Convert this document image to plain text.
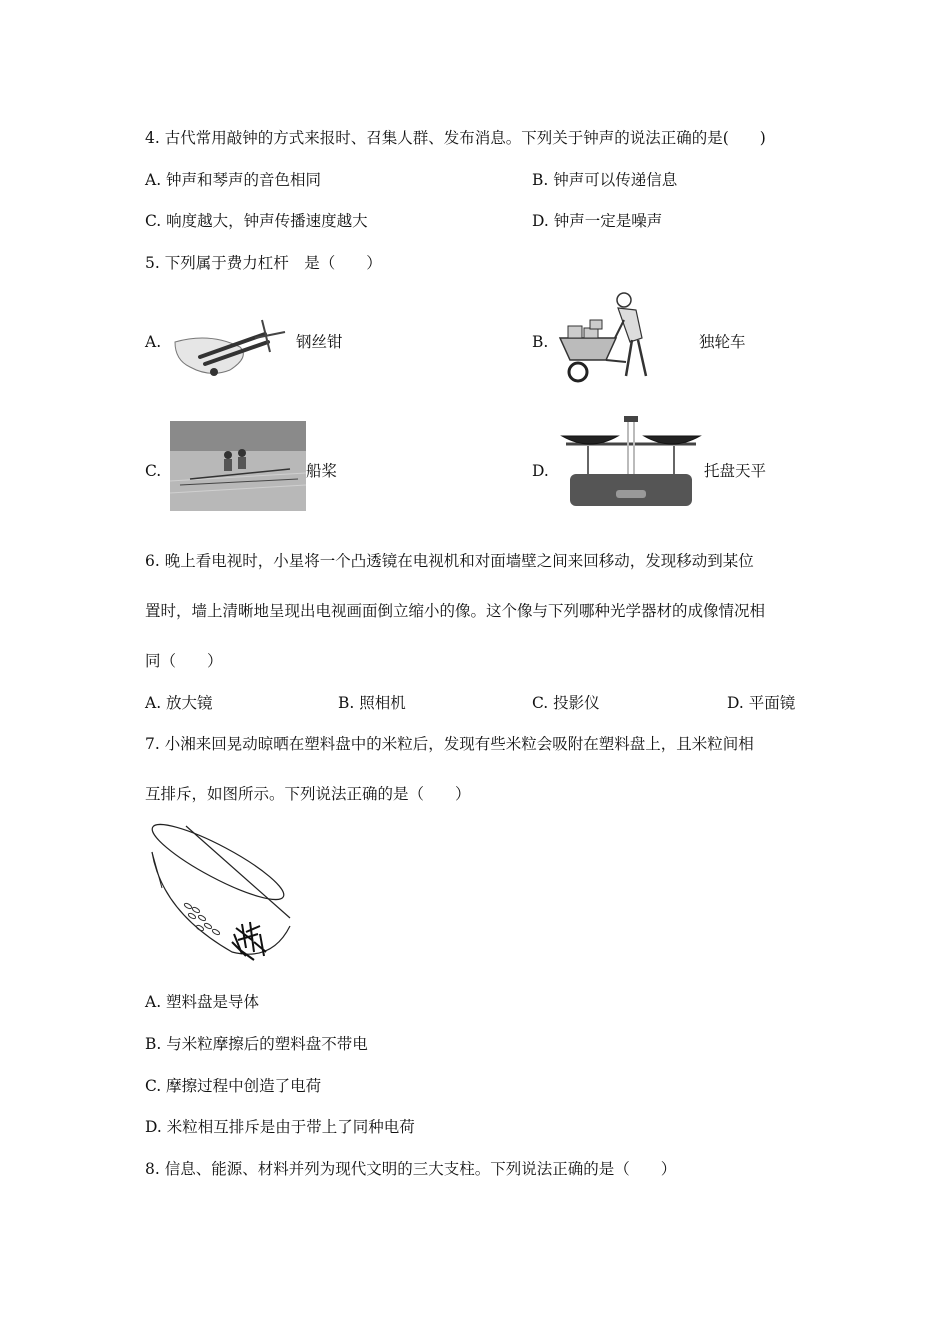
4. 古代常用敲钟的方式来报时、召集人群、发布消息。下列关于钟声的说法正确的是(　　)
A. 钟声和琴声的音色相同	B. 钟声可以传递信息
C. 响度越大，钟声传播速度越大	D. 钟声一定是噪声
5. 下列属于费力杠杆　是（　　）
A.	钢丝钳	B.	独轮车
C.	船桨	D.	托盘天平
6. 晚上看电视时，小星将一个凸透镜在电视机和对面墙壁之间来回移动，发现移动到某位
置时，墙上清晰地呈现出电视画面倒立缩小的像。这个像与下列哪种光学器材的成像情况相
同（　　）
A. 放大镜	B. 照相机	C. 投影仪	D. 平面镜
7. 小湘来回晃动晾晒在塑料盘中的米粒后，发现有些米粒会吸附在塑料盘上，且米粒间相
互排斥，如图所示。下列说法正确的是（　　）
A. 塑料盘是导体
B. 与米粒摩擦后的塑料盘不带电
C. 摩擦过程中创造了电荷
D. 米粒相互排斥是由于带上了同种电荷
8. 信息、能源、材料并列为现代文明的三大支柱。下列说法正确的是（　　）
